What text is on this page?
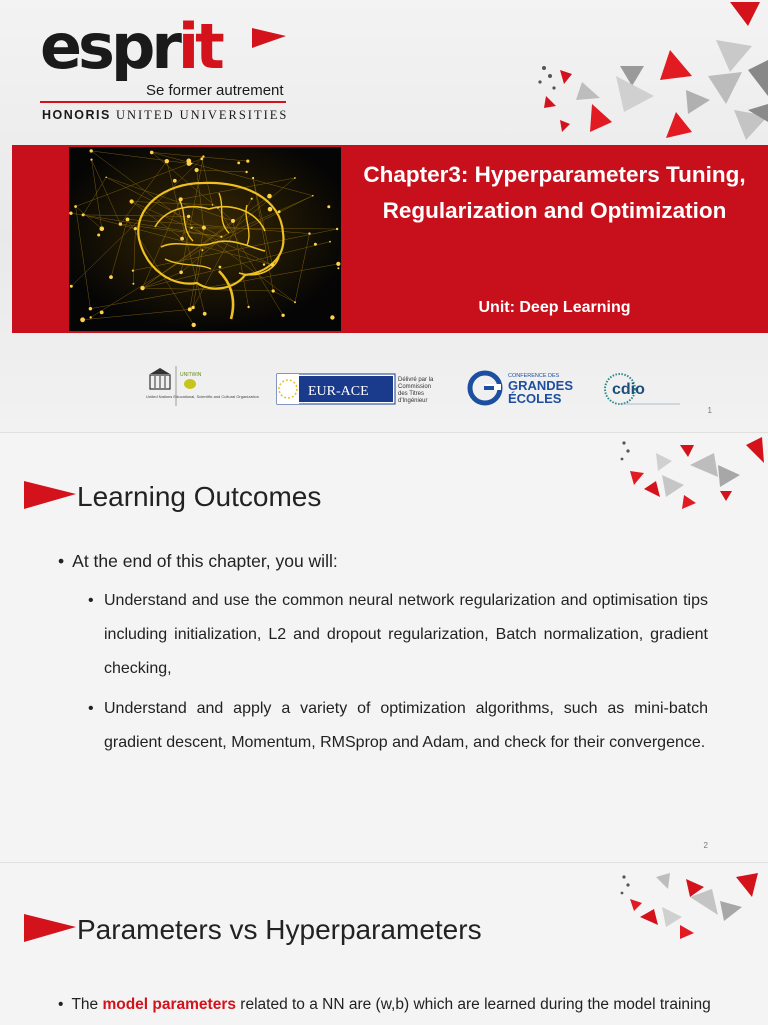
esprit
Se former autrement
HONORIS UNITED UNIVERSITIES
Chapter3: Hyperparameters Tuning, Regularization and Optimization
Unit: Deep Learning
United Nations Educational, Scientific and Cultural Organization
UNITWIN
EUR-ACE
Délivré par la
Commission
des Titres
d'Ingénieur
CONFERENCE DES
GRANDES
ÉCOLES
cdio
1
Learning Outcomes
• At the end of this chapter, you will:
• Understand and use the common neural network regularization and optimisation tips including initialization, L2 and dropout regularization, Batch normalization, gradient checking,
• Understand and apply a variety of optimization algorithms, such as mini-batch gradient descent, Momentum, RMSprop and Adam, and check for their convergence.
2
Parameters vs Hyperparameters
• The model parameters related to a NN are (w,b) which are learned during the model training
